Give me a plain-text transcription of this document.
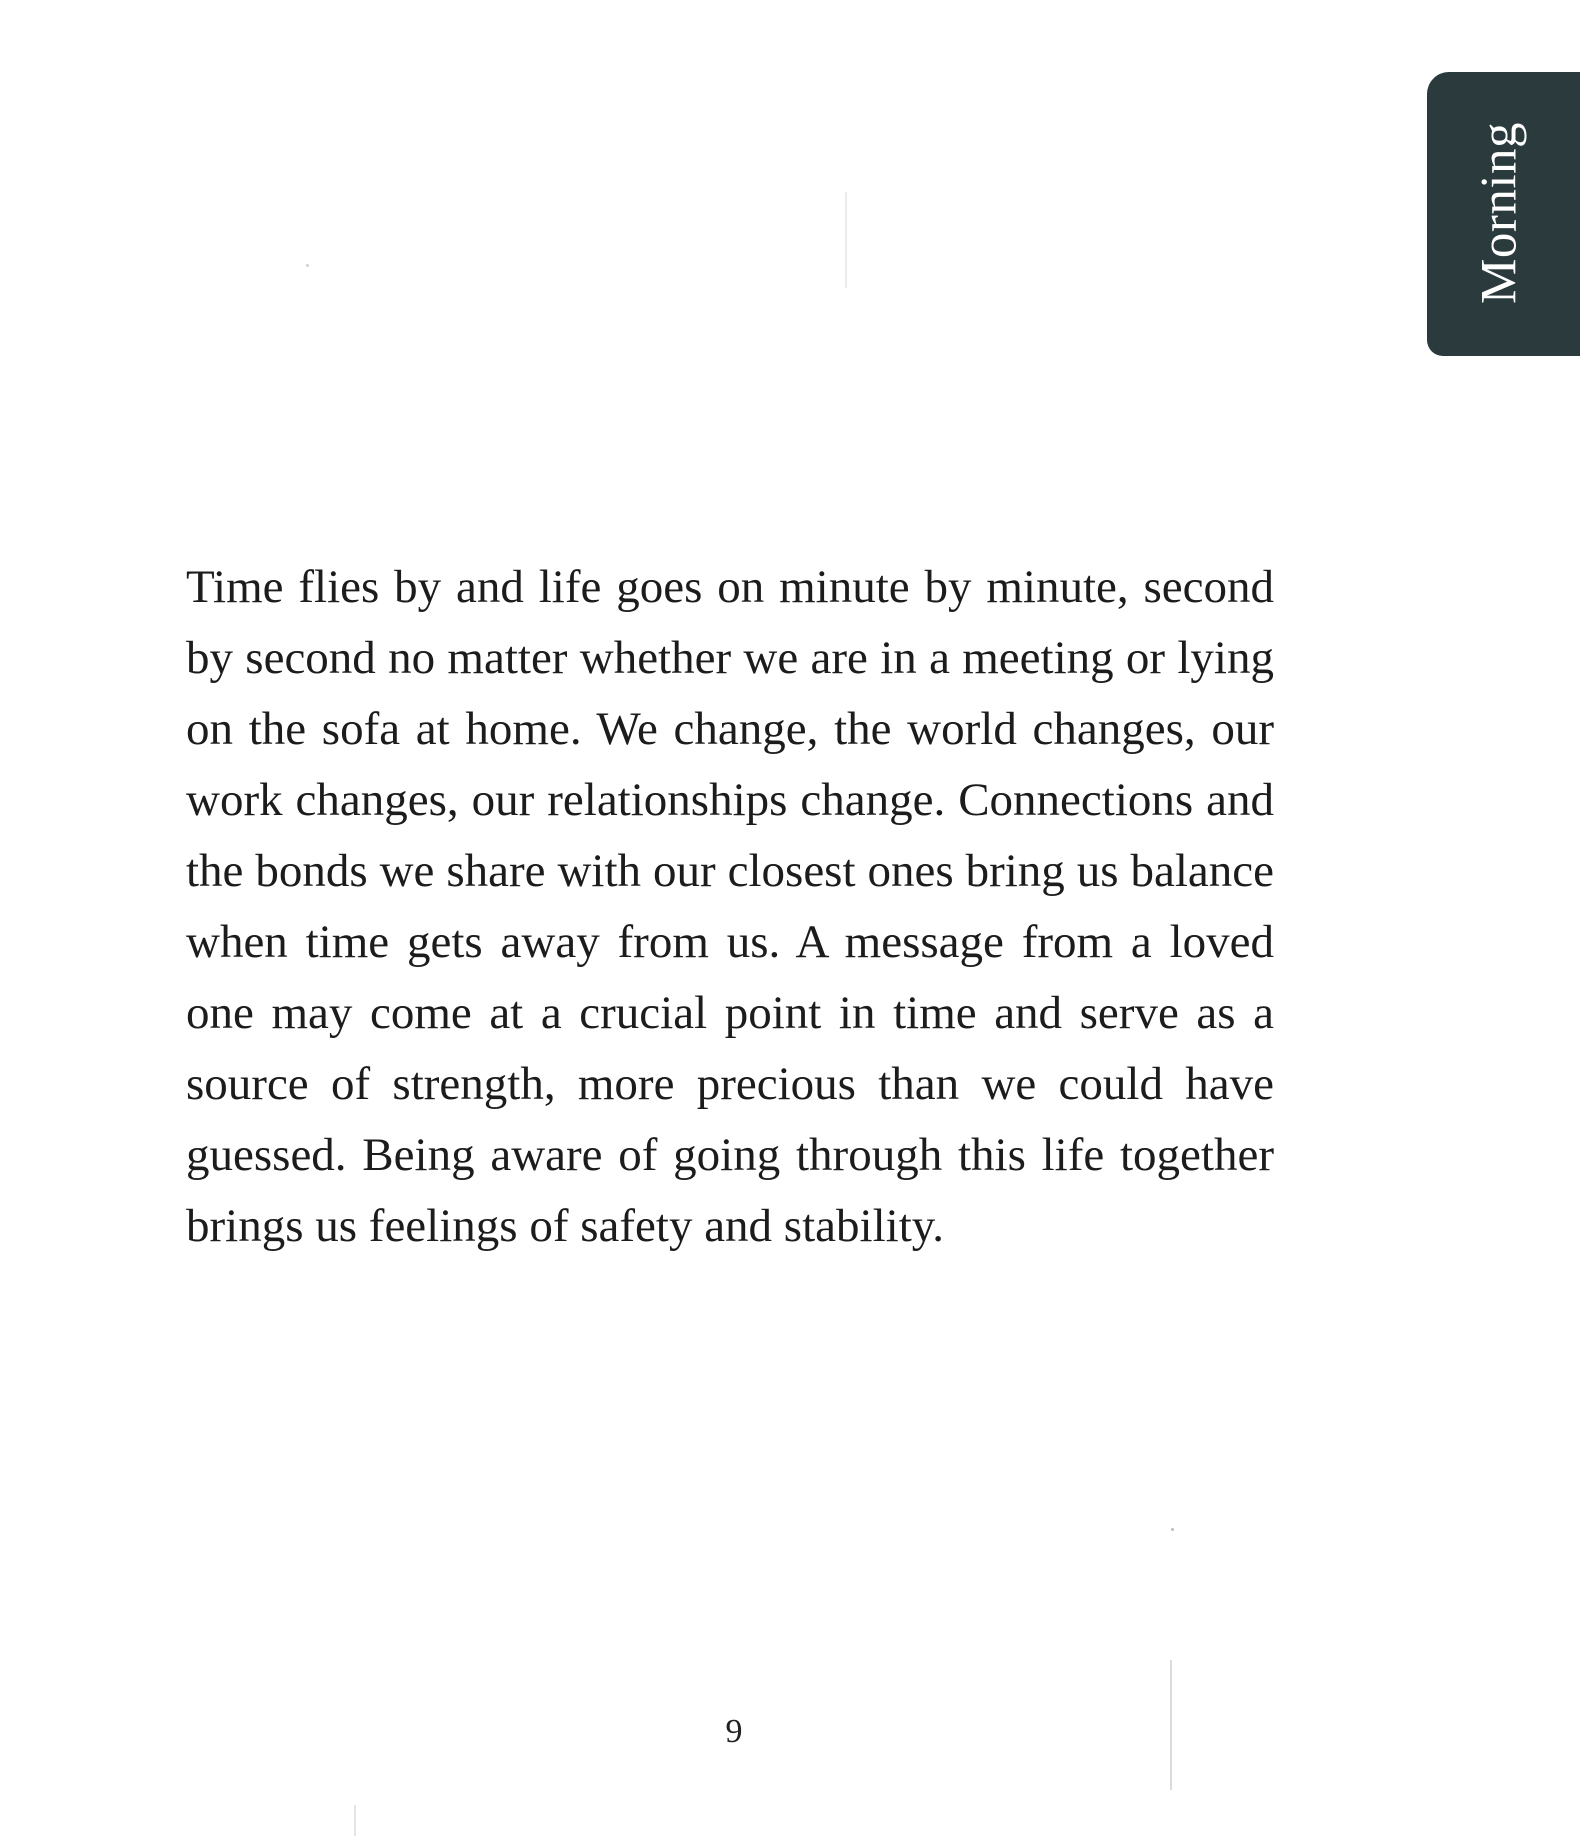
Morning

Time flies by and life goes on minute by minute, second by second no matter whether we are in a meeting or lying on the sofa at home. We change, the world changes, our work changes, our relationships change. Connections and the bonds we share with our closest ones bring us balance when time gets away from us. A message from a loved one may come at a crucial point in time and serve as a source of strength, more precious than we could have guessed. Being aware of going through this life together brings us feelings of safety and stability.

9
